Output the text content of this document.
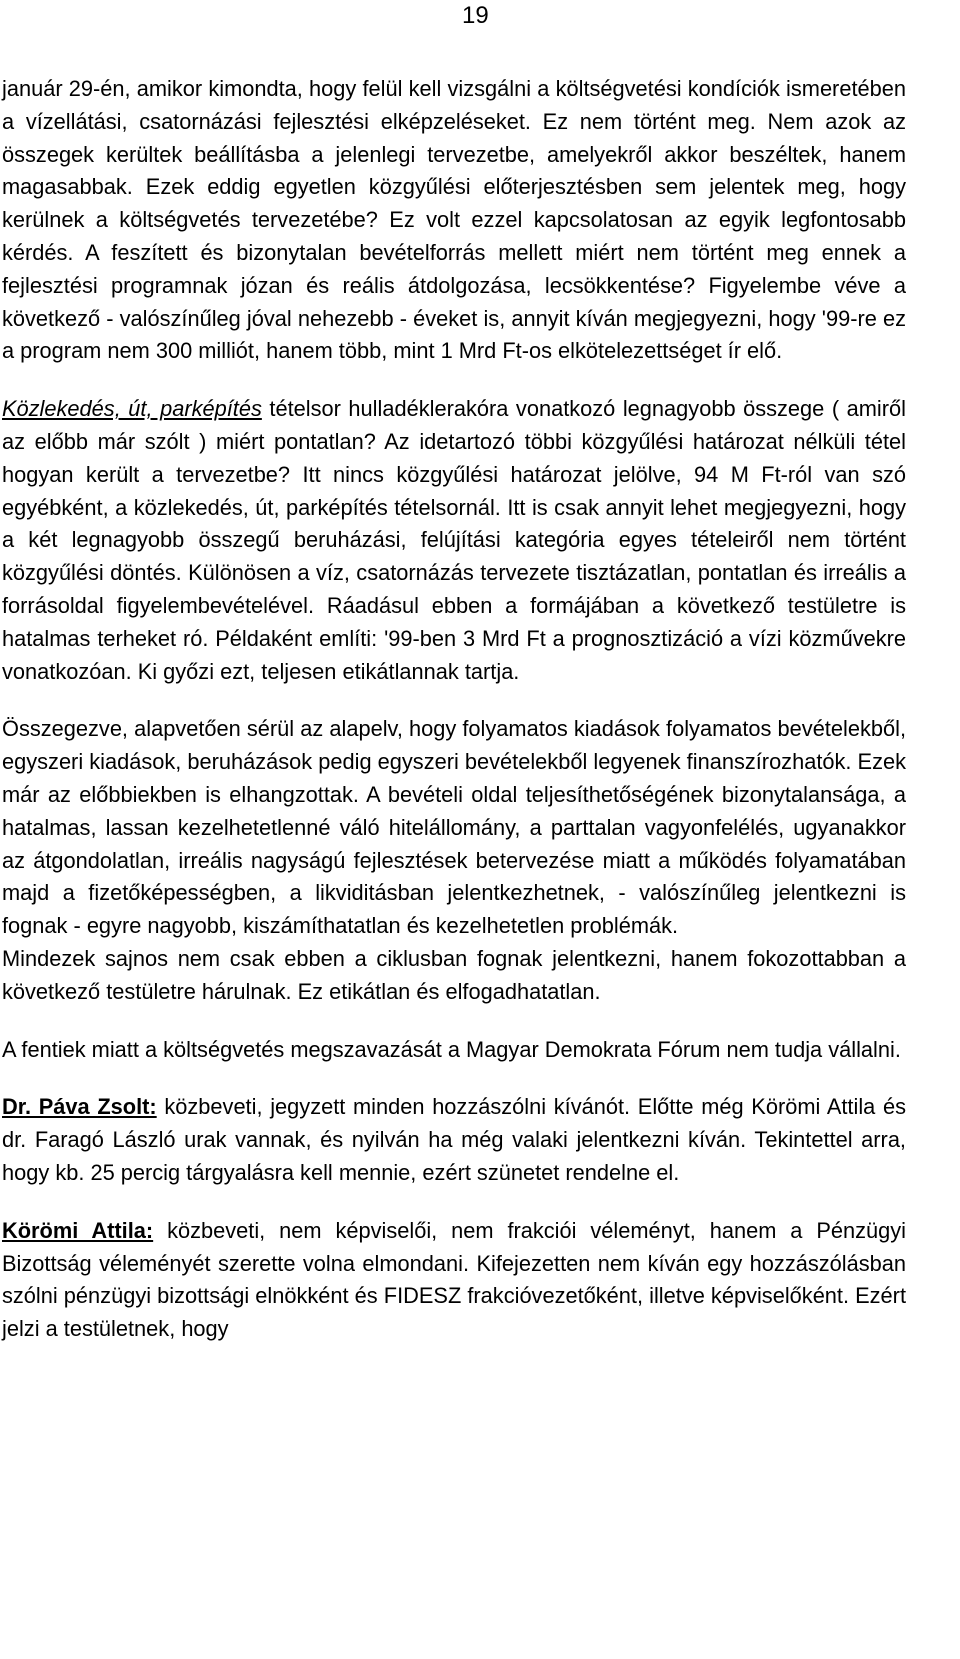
19

január 29-én, amikor kimondta, hogy felül kell vizsgálni a költségvetési kondíciók ismeretében a vízellátási, csatornázási fejlesztési elképzeléseket. Ez nem történt meg. Nem azok az összegek kerültek beállításba a jelenlegi tervezetbe, amelyekről akkor beszéltek, hanem magasabbak. Ezek eddig egyetlen közgyűlési előterjesztésben sem jelentek meg, hogy kerülnek a költségvetés tervezetébe? Ez volt ezzel kapcsolatosan az egyik legfontosabb kérdés. A feszített és bizonytalan bevételforrás mellett miért nem történt meg ennek a fejlesztési programnak józan és reális átdolgozása, lecsökkentése? Figyelembe véve a következő - valószínűleg jóval nehezebb - éveket is, annyit kíván megjegyezni, hogy '99-re ez a program nem 300 milliót, hanem több, mint 1 Mrd Ft-os elkötelezettséget ír elő.

Közlekedés, út, parképítés tételsor hulladéklerakóra vonatkozó legnagyobb összege ( amiről az előbb már szólt ) miért pontatlan? Az idetartozó többi közgyűlési határozat nélküli tétel hogyan került a tervezetbe? Itt nincs közgyűlési határozat jelölve, 94 M Ft-ról van szó egyébként, a közlekedés, út, parképítés tételsornál. Itt is csak annyit lehet megjegyezni, hogy a két legnagyobb összegű beruházási, felújítási kategória egyes tételeiről nem történt közgyűlési döntés. Különösen a víz, csatornázás tervezete tisztázatlan, pontatlan és irreális a forrásoldal figyelembevételével. Ráadásul ebben a formájában a következő testületre is hatalmas terheket ró. Példaként említi: '99-ben 3 Mrd Ft a prognosztizáció a vízi közművekre vonatkozóan. Ki győzi ezt, teljesen etikátlannak tartja.

Összegezve, alapvetően sérül az alapelv, hogy folyamatos kiadások folyamatos bevételekből, egyszeri kiadások, beruházások pedig egyszeri bevételekből legyenek finanszírozhatók. Ezek már az előbbiekben is elhangzottak. A bevételi oldal teljesíthetőségének bizonytalansága, a hatalmas, lassan kezelhetetlenné váló hitelállomány, a parttalan vagyonfelélés, ugyanakkor az átgondolatlan, irreális nagyságú fejlesztések betervezése miatt a működés folyamatában majd a fizetőképességben, a likviditásban jelentkezhetnek, - valószínűleg jelentkezni is fognak - egyre nagyobb, kiszámíthatatlan és kezelhetetlen problémák.

Mindezek sajnos nem csak ebben a ciklusban fognak jelentkezni, hanem fokozottabban a következő testületre hárulnak. Ez etikátlan és elfogadhatatlan.

A fentiek miatt a költségvetés megszavazását a Magyar Demokrata Fórum nem tudja vállalni.

Dr. Páva Zsolt: közbeveti, jegyzett minden hozzászólni kívánót. Előtte még Körömi Attila és dr. Faragó László urak vannak, és nyilván ha még valaki jelentkezni kíván. Tekintettel arra, hogy kb. 25 percig tárgyalásra kell mennie, ezért szünetet rendelne el.

Körömi Attila: közbeveti, nem képviselői, nem frakciói véleményt, hanem a Pénzügyi Bizottság véleményét szerette volna elmondani. Kifejezetten nem kíván egy hozzászólásban szólni pénzügyi bizottsági elnökként és FIDESZ frakcióvezetőként, illetve képviselőként. Ezért jelzi a testületnek, hogy
